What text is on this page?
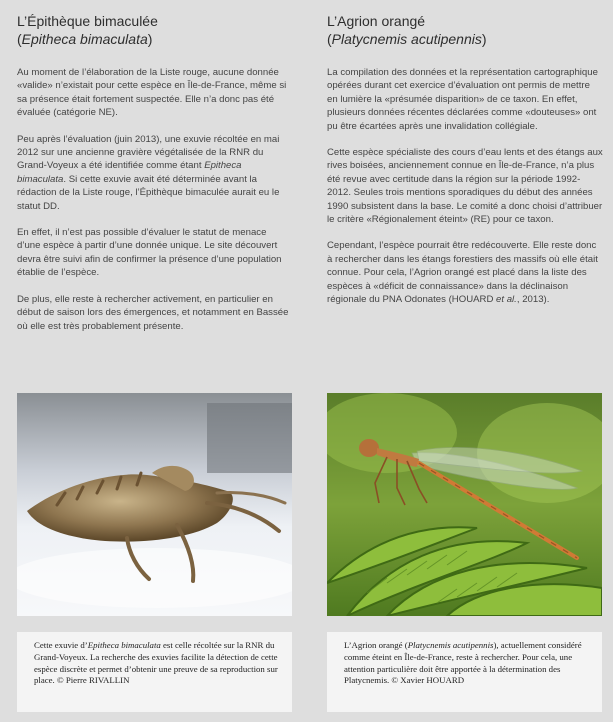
L’Épithèque bimaculée
(Epitheca bimaculata)

Au moment de l’élaboration de la Liste rouge, aucune donnée «valide» n’existait pour cette espèce en Île-de-France, même si sa présence était fortement suspectée. Elle n’a donc pas été évaluée (catégorie NE).

Peu après l’évaluation (juin 2013), une exuvie récoltée en mai 2012 sur une ancienne gravière végétalisée de la RNR du Grand-Voyeux a été identifiée comme étant Epitheca bimaculata. Si cette exuvie avait été déterminée avant la rédaction de la Liste rouge, l’Épithèque bimaculée aurait eu le statut DD.

En effet, il n’est pas possible d’évaluer le statut de menace d’une espèce à partir d’une donnée unique. Le site découvert devra être suivi afin de confirmer la présence d’une population établie de l’espèce.

De plus, elle reste à rechercher activement, en particulier en début de saison lors des émergences, et notamment en Bassée où elle est très probablement présente.

L’Agrion orangé
(Platycnemis acutipennis)

La compilation des données et la représentation cartographique opérées durant cet exercice d’évaluation ont permis de mettre en lumière la «présumée disparition» de ce taxon. En effet, plusieurs données récentes déclarées comme «douteuses» ont pu être écartées après une invalidation collégiale.

Cette espèce spécialiste des cours d’eau lents et des étangs aux rives boisées, anciennement connue en Île-de-France, n’a plus été revue avec certitude dans la région sur la période 1992-2012. Seules trois mentions sporadiques du début des années 1990 subsistent dans la base. Le comité a donc choisi d’attribuer le critère «Régionalement éteint» (RE) pour ce taxon.

Cependant, l’espèce pourrait être redécouverte. Elle reste donc à rechercher dans les étangs forestiers des massifs où elle était connue. Pour cela, l’Agrion orangé est placé dans la liste des espèces à «déficit de connaissance» dans la déclinaison régionale du PNA Odonates (HOUARD et al., 2013).

Cette exuvie d’Epitheca bimaculata est celle récoltée sur la RNR du Grand-Voyeux. La recherche des exuvies facilite la détection de cette espèce discrète et permet d’obtenir une preuve de sa reproduction sur place. © Pierre RIVALLIN
L’Agrion orangé (Platycnemis acutipennis), actuellement considéré comme éteint en Île-de-France, reste à rechercher. Pour cela, une attention particulière doit être apportée à la détermination des Platycnemis. © Xavier HOUARD
